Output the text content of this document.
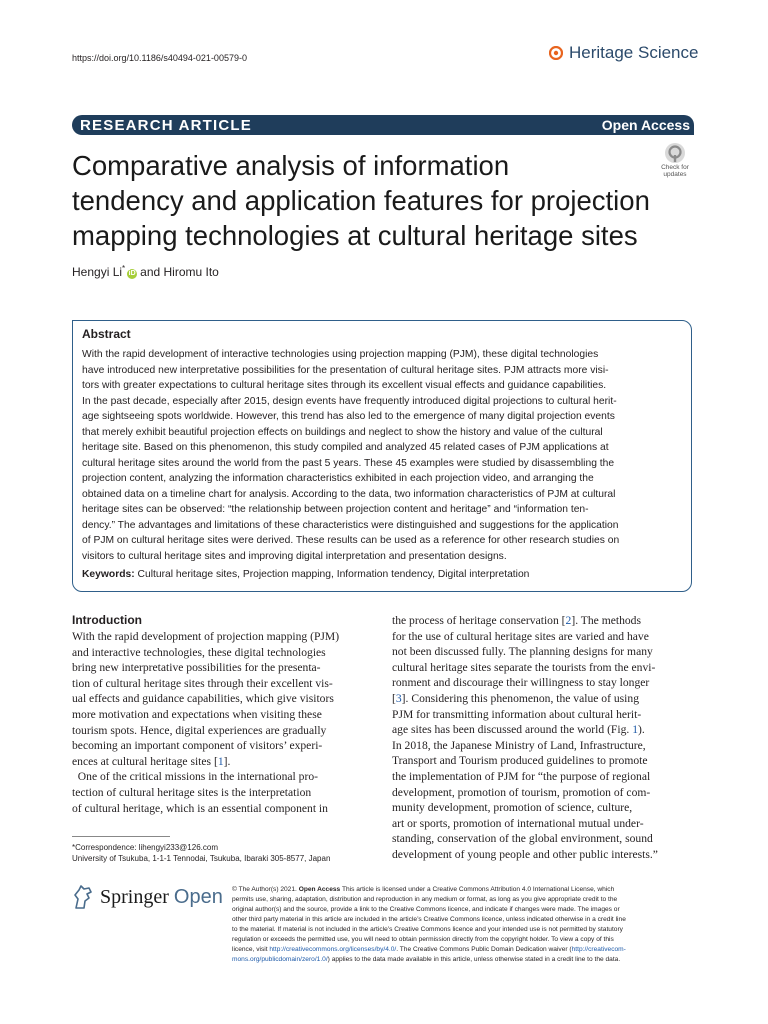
https://doi.org/10.1186/s40494-021-00579-0	Heritage Science
RESEARCH ARTICLE	Open Access
Comparative analysis of information
tendency and application features for projection
mapping technologies at cultural heritage sites
Check for
updates
Hengyi Li*iD and Hiromu Ito
Abstract
With the rapid development of interactive technologies using projection mapping (PJM), these digital technologies
have introduced new interpretative possibilities for the presentation of cultural heritage sites. PJM attracts more visi-
tors with greater expectations to cultural heritage sites through its excellent visual effects and guidance capabilities.
In the past decade, especially after 2015, design events have frequently introduced digital projections to cultural herit-
age sightseeing spots worldwide. However, this trend has also led to the emergence of many digital projection events
that merely exhibit beautiful projection effects on buildings and neglect to show the history and value of the cultural
heritage site. Based on this phenomenon, this study compiled and analyzed 45 related cases of PJM applications at
cultural heritage sites around the world from the past 5 years. These 45 examples were studied by disassembling the
projection content, analyzing the information characteristics exhibited in each projection video, and arranging the
obtained data on a timeline chart for analysis. According to the data, two information characteristics of PJM at cultural
heritage sites can be observed: “the relationship between projection content and heritage” and “information ten-
dency.” The advantages and limitations of these characteristics were distinguished and suggestions for the application
of PJM on cultural heritage sites were derived. These results can be used as a reference for other research studies on
visitors to cultural heritage sites and improving digital interpretation and presentation designs.
Keywords: Cultural heritage sites, Projection mapping, Information tendency, Digital interpretation
Introduction
With the rapid development of projection mapping (PJM)
and interactive technologies, these digital technologies
bring new interpretative possibilities for the presenta-
tion of cultural heritage sites through their excellent vis-
ual effects and guidance capabilities, which give visitors
more motivation and expectations when visiting these
tourism spots. Hence, digital experiences are gradually
becoming an important component of visitors’ experi-
ences at cultural heritage sites [1].
One of the critical missions in the international pro-
tection of cultural heritage sites is the interpretation
of cultural heritage, which is an essential component in
the process of heritage conservation [2]. The methods
for the use of cultural heritage sites are varied and have
not been discussed fully. The planning designs for many
cultural heritage sites separate the tourists from the envi-
ronment and discourage their willingness to stay longer
[3]. Considering this phenomenon, the value of using
PJM for transmitting information about cultural herit-
age sites has been discussed around the world (Fig. 1).
In 2018, the Japanese Ministry of Land, Infrastructure,
Transport and Tourism produced guidelines to promote
the implementation of PJM for “the purpose of regional
development, promotion of tourism, promotion of com-
munity development, promotion of science, culture,
art or sports, promotion of international mutual under-
standing, conservation of the global environment, sound
development of young people and other public interests.”
*Correspondence: lihengyi233@126.com
University of Tsukuba, 1-1-1 Tennodai, Tsukuba, Ibaraki 305-8577, Japan
Springer Open © The Author(s) 2021. Open Access This article is licensed under a Creative Commons Attribution 4.0 International License, which
permits use, sharing, adaptation, distribution and reproduction in any medium or format, as long as you give appropriate credit to the
original author(s) and the source, provide a link to the Creative Commons licence, and indicate if changes were made. The images or
other third party material in this article are included in the article’s Creative Commons licence, unless indicated otherwise in a credit line
to the material. If material is not included in the article’s Creative Commons licence and your intended use is not permitted by statutory
regulation or exceeds the permitted use, you will need to obtain permission directly from the copyright holder. To view a copy of this
licence, visit http://creativecommons.org/licenses/by/4.0/. The Creative Commons Public Domain Dedication waiver (http://creativecom-
mons.org/publicdomain/zero/1.0/) applies to the data made available in this article, unless otherwise stated in a credit line to the data.
